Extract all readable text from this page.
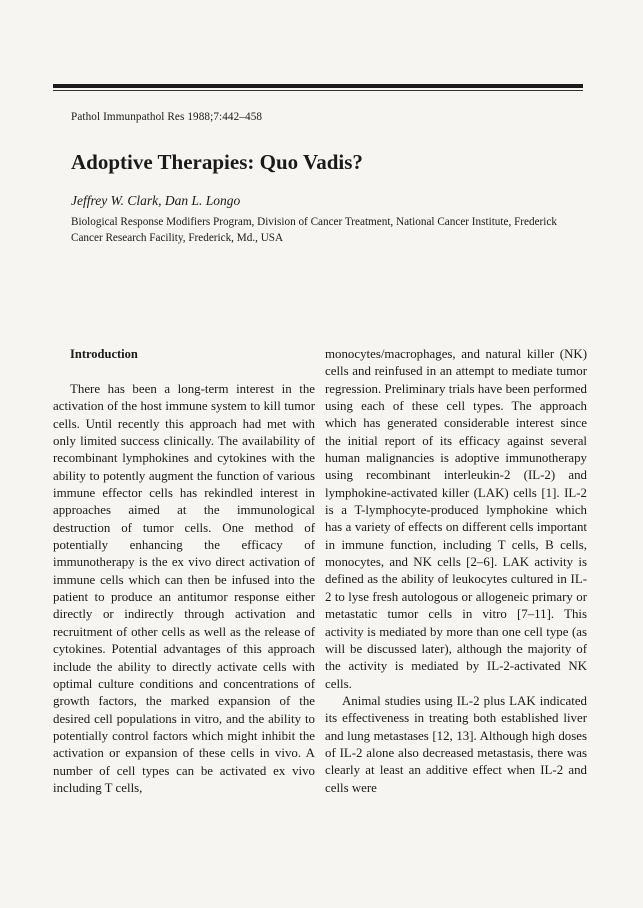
Pathol Immunpathol Res 1988;7:442–458
Adoptive Therapies: Quo Vadis?
Jeffrey W. Clark, Dan L. Longo
Biological Response Modifiers Program, Division of Cancer Treatment, National Cancer Institute, Frederick Cancer Research Facility, Frederick, Md., USA
Introduction

There has been a long-term interest in the activation of the host immune system to kill tumor cells. Until recently this approach had met with only limited success clinically. The availability of recombinant lymphokines and cytokines with the ability to potently augment the function of various immune effector cells has rekindled interest in approaches aimed at the immunological destruction of tumor cells. One method of potentially enhancing the efficacy of immunotherapy is the ex vivo direct activation of immune cells which can then be infused into the patient to produce an antitumor response either directly or indirectly through activation and recruitment of other cells as well as the release of cytokines. Potential advantages of this approach include the ability to directly activate cells with optimal culture conditions and concentrations of growth factors, the marked expansion of the desired cell populations in vitro, and the ability to potentially control factors which might inhibit the activation or expansion of these cells in vivo. A number of cell types can be activated ex vivo including T cells,

monocytes/macrophages, and natural killer (NK) cells and reinfused in an attempt to mediate tumor regression. Preliminary trials have been performed using each of these cell types. The approach which has generated considerable interest since the initial report of its efficacy against several human malignancies is adoptive immunotherapy using recombinant interleukin-2 (IL-2) and lymphokine-activated killer (LAK) cells [1]. IL-2 is a T-lymphocyte-produced lymphokine which has a variety of effects on different cells important in immune function, including T cells, B cells, monocytes, and NK cells [2–6]. LAK activity is defined as the ability of leukocytes cultured in IL-2 to lyse fresh autologous or allogeneic primary or metastatic tumor cells in vitro [7–11]. This activity is mediated by more than one cell type (as will be discussed later), although the majority of the activity is mediated by IL-2-activated NK cells.

Animal studies using IL-2 plus LAK indicated its effectiveness in treating both established liver and lung metastases [12, 13]. Although high doses of IL-2 alone also decreased metastasis, there was clearly at least an additive effect when IL-2 and cells were
